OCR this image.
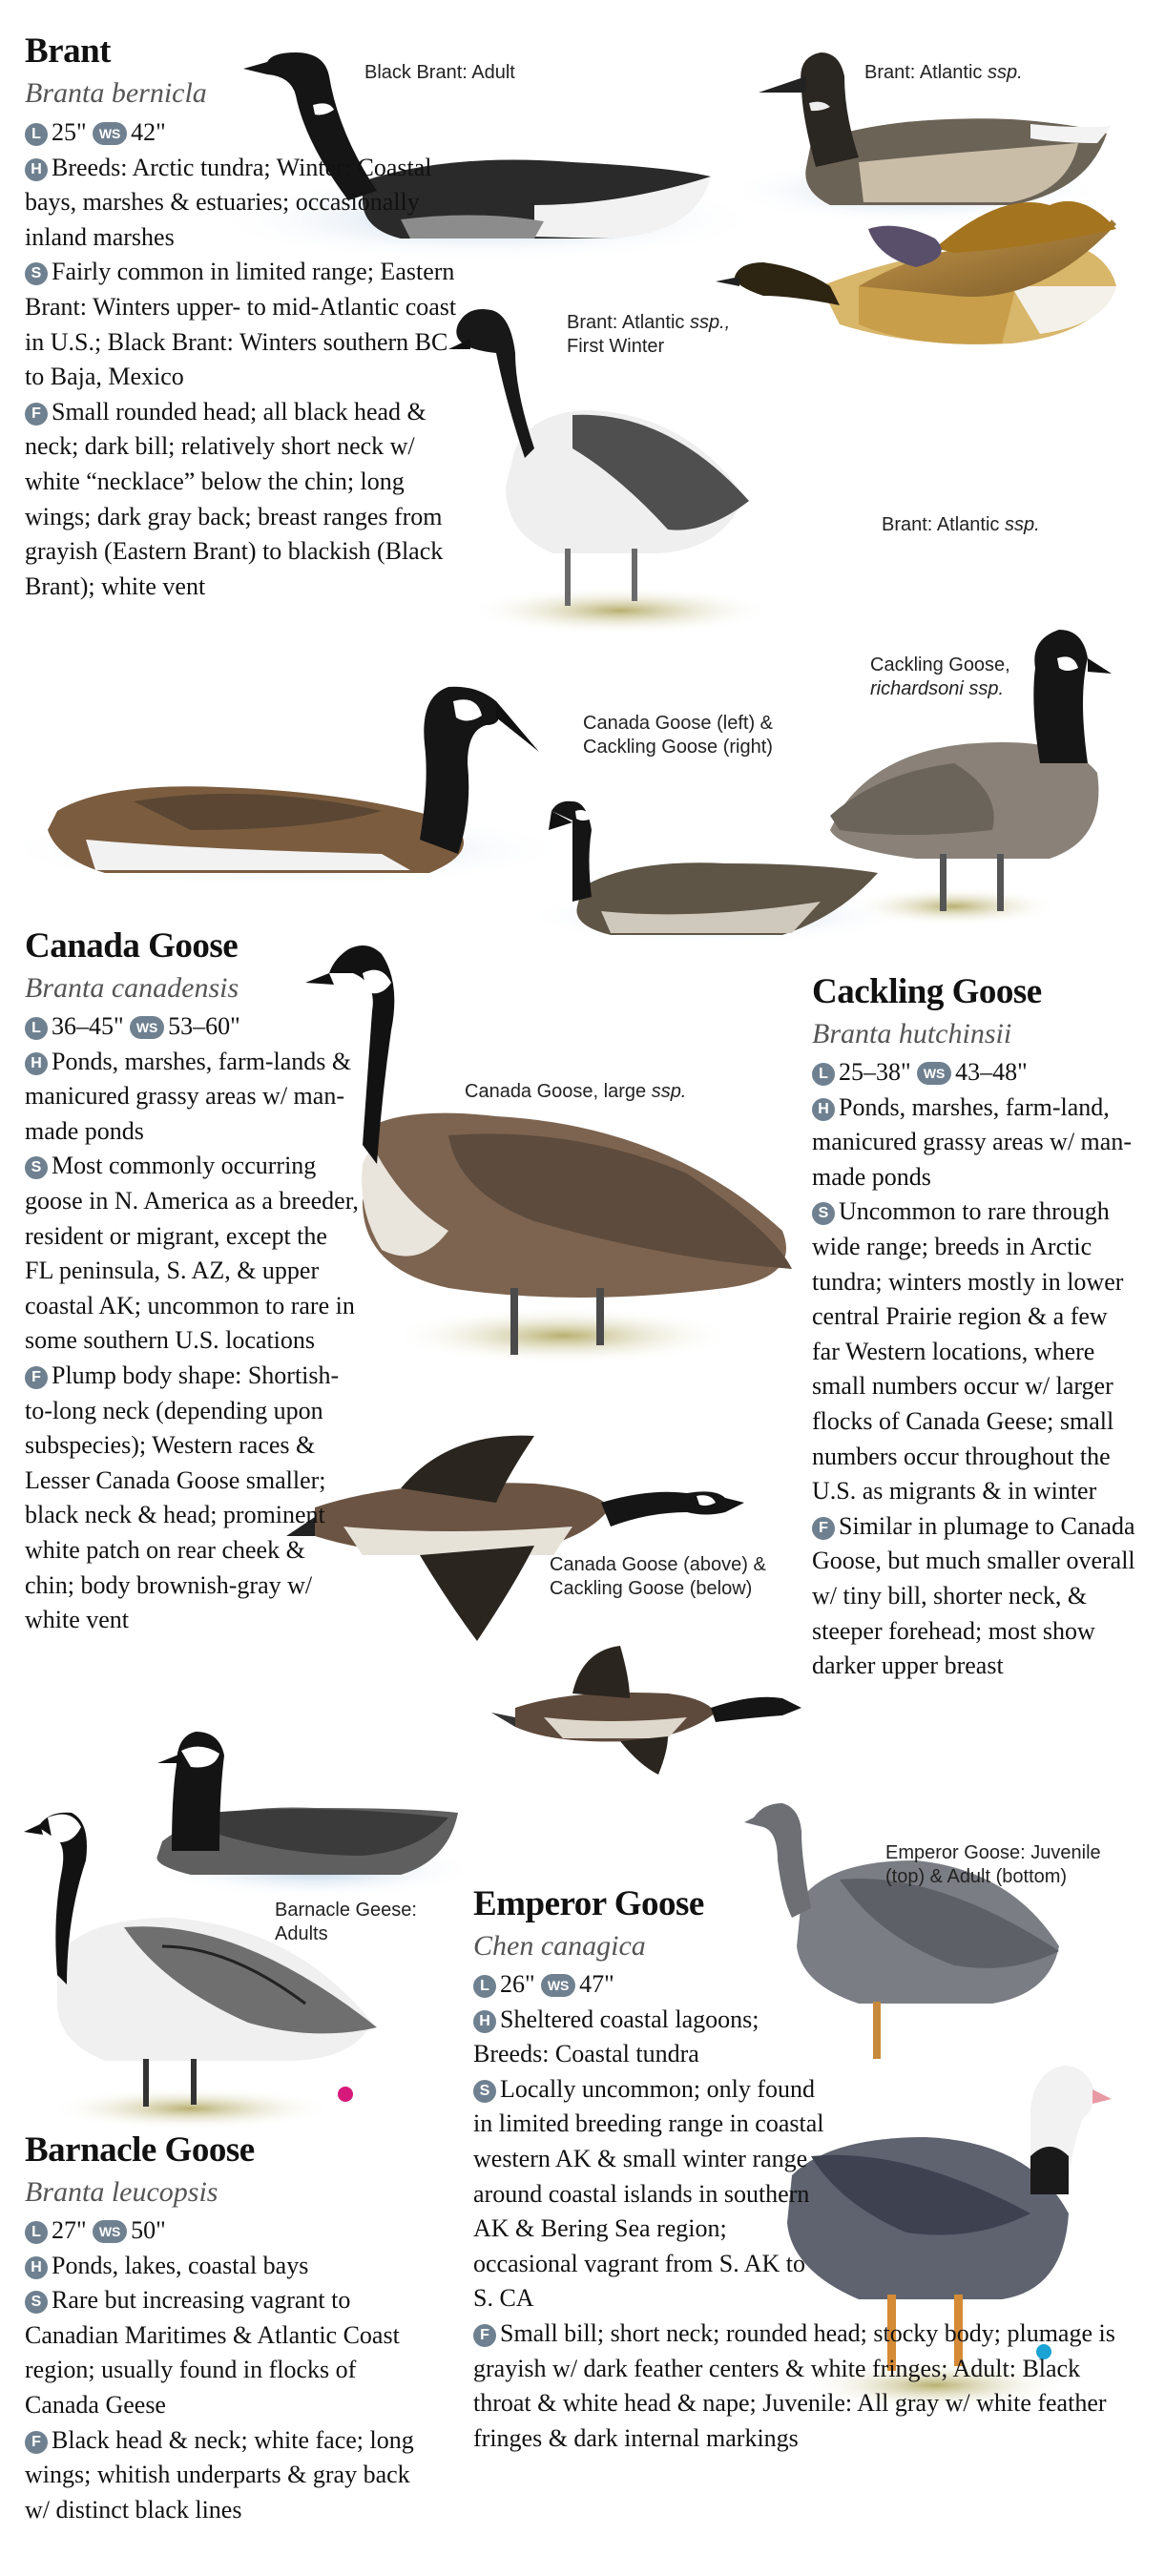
Brant
Branta bernicla
L 25" WS 42"
H Breeds: Arctic tundra; Winter: Coastal bays, marshes & estuaries; occasionally inland marshes
S Fairly common in limited range; Eastern Brant: Winters upper- to mid-Atlantic coast in U.S.; Black Brant: Winters southern BC to Baja, Mexico
F Small rounded head; all black head & neck; dark bill; relatively short neck w/ white “necklace” below the chin; long wings; dark gray back; breast ranges from grayish (Eastern Brant) to blackish (Black Brant); white vent
Black Brant: Adult	Brant: Atlantic ssp.
Brant: Atlantic ssp.,
First Winter
Brant: Atlantic ssp.
Canada Goose (left) &
Cackling Goose (right)
Cackling Goose,
richardsoni ssp.
Canada Goose, large ssp.
Canada Goose (above) &
Cackling Goose (below)
Canada Goose
Branta canadensis
L 36–45" WS 53–60"
H Ponds, marshes, farm-lands & manicured grassy areas w/ man-made ponds
S Most commonly occurring goose in N. America as a breeder, resident or migrant, except the FL peninsula, S. AZ, & upper coastal AK; uncommon to rare in some southern U.S. locations
F Plump body shape: Shortish-to-long neck (depending upon subspecies); Western races & Lesser Canada Goose smaller; black neck & head; prominent white patch on rear cheek & chin; body brownish-gray w/ white vent
Cackling Goose
Branta hutchinsii
L 25–38" WS 43–48"
H Ponds, marshes, farm-land, manicured grassy areas w/ man-made ponds
S Uncommon to rare through wide range; breeds in Arctic tundra; winters mostly in lower central Prairie region & a few far Western locations, where small numbers occur w/ larger flocks of Canada Geese; small numbers occur throughout the U.S. as migrants & in winter
F Similar in plumage to Canada Goose, but much smaller overall w/ tiny bill, shorter neck, & steeper forehead; most show darker upper breast
Barnacle Geese:
Adults
Barnacle Goose
Branta leucopsis
L 27" WS 50"
H Ponds, lakes, coastal bays
S Rare but increasing vagrant to Canadian Maritimes & Atlantic Coast region; usually found in flocks of Canada Geese
F Black head & neck; white face; long wings; whitish underparts & gray back w/ distinct black lines
Emperor Goose: Juvenile
(top) & Adult (bottom)
Emperor Goose
Chen canagica
L 26" WS 47"
H Sheltered coastal lagoons; Breeds: Coastal tundra
S Locally uncommon; only found in limited breeding range in coastal western AK & small winter range around coastal islands in southern AK & Bering Sea region; occasional vagrant from S. AK to S. CA
F Small bill; short neck; rounded head; stocky body; plumage is grayish w/ dark feather centers & white fringes; Adult: Black throat & white head & nape; Juvenile: All gray w/ white feather fringes & dark internal markings
